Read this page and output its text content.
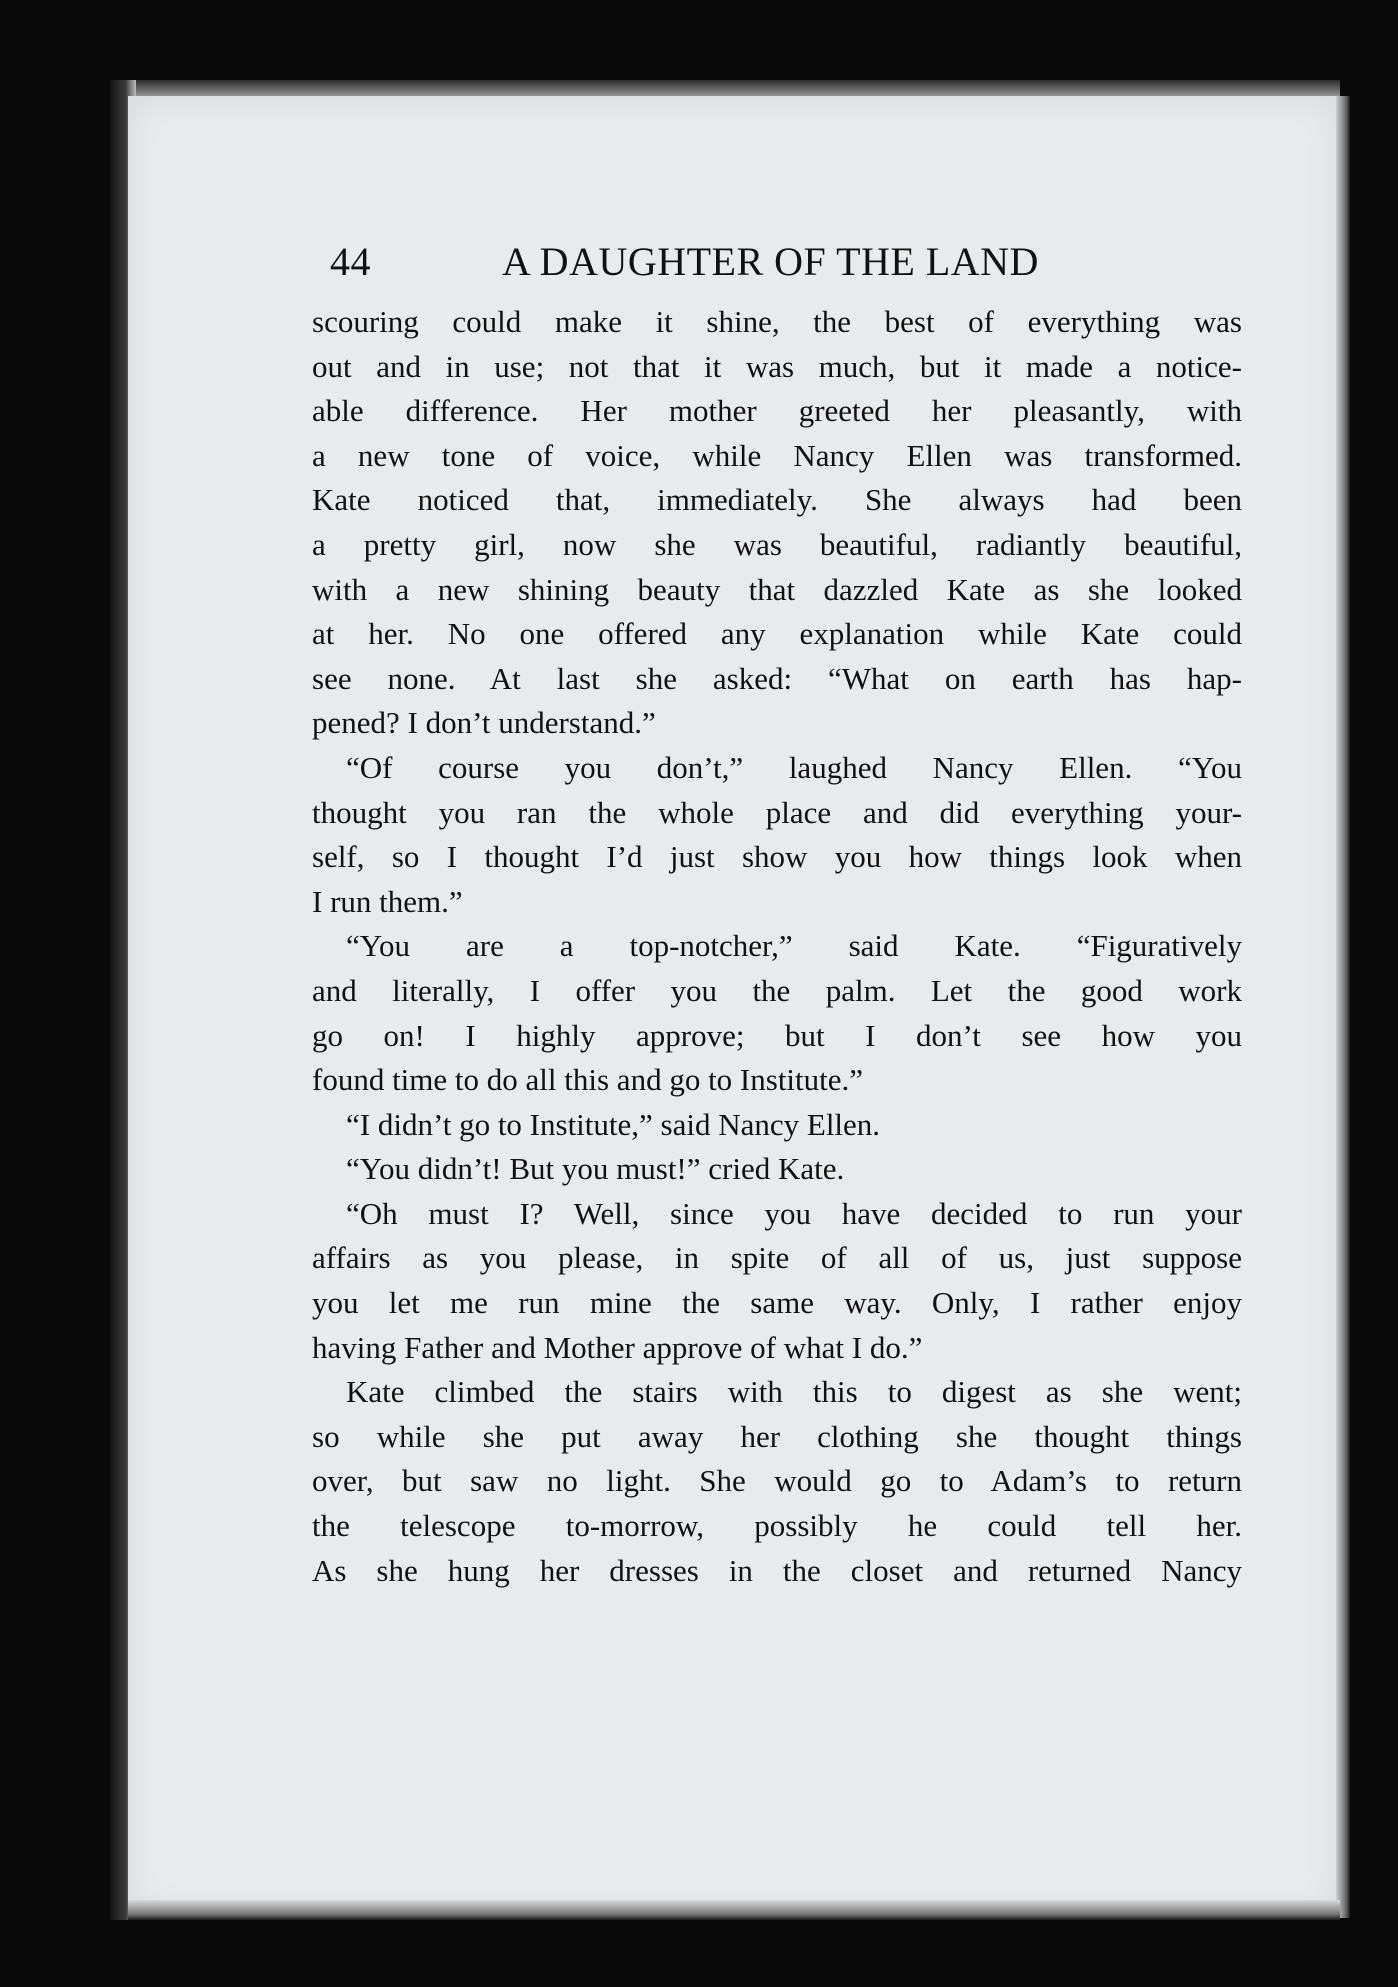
44	A DAUGHTER OF THE LAND
scouring could make it shine, the best of everything was
out and in use; not that it was much, but it made a notice-
able difference. Her mother greeted her pleasantly, with
a new tone of voice, while Nancy Ellen was transformed.
Kate noticed that, immediately. She always had been
a pretty girl, now she was beautiful, radiantly beautiful,
with a new shining beauty that dazzled Kate as she looked
at her. No one offered any explanation while Kate could
see none. At last she asked: “What on earth has hap-
pened? I don’t understand.”
“Of course you don’t,” laughed Nancy Ellen. “You
thought you ran the whole place and did everything your-
self, so I thought I’d just show you how things look when
I run them.”
“You are a top-notcher,” said Kate. “Figuratively
and literally, I offer you the palm. Let the good work
go on! I highly approve; but I don’t see how you
found time to do all this and go to Institute.”
“I didn’t go to Institute,” said Nancy Ellen.
“You didn’t! But you must!” cried Kate.
“Oh must I? Well, since you have decided to run your
affairs as you please, in spite of all of us, just suppose
you let me run mine the same way. Only, I rather enjoy
having Father and Mother approve of what I do.”
Kate climbed the stairs with this to digest as she went;
so while she put away her clothing she thought things
over, but saw no light. She would go to Adam’s to return
the telescope to-morrow, possibly he could tell her.
As she hung her dresses in the closet and returned Nancy
